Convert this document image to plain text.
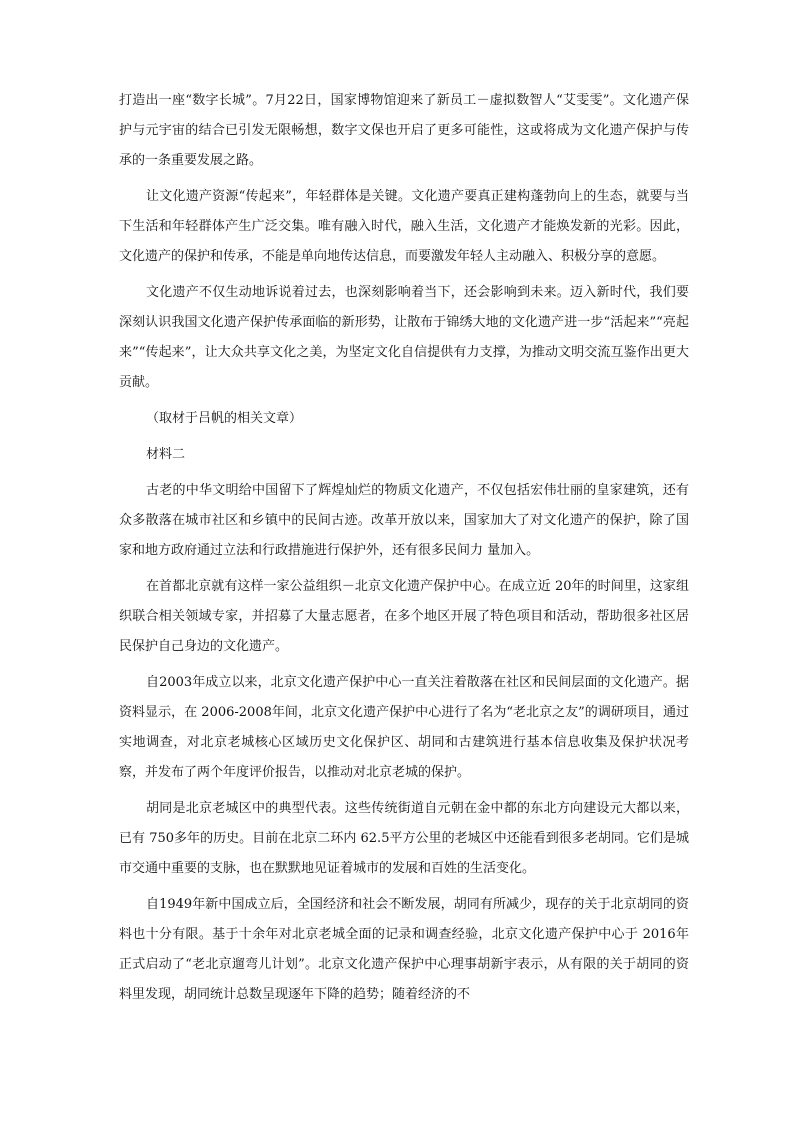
打造出一座“数字长城”。7月22日，国家博物馆迎来了新员工－虚拟数智人“艾雯雯”。文化遗产保护与元宇宙的结合已引发无限畅想，数字文保也开启了更多可能性，这或将成为文化遗产保护与传承的一条重要发展之路。

让文化遗产资源“传起来”，年轻群体是关键。文化遗产要真正建构蓬勃向上的生态，就要与当下生活和年轻群体产生广泛交集。唯有融入时代，融入生活，文化遗产才能焕发新的光彩。因此，文化遗产的保护和传承，不能是单向地传达信息，而要激发年轻人主动融入、积极分享的意愿。

文化遗产不仅生动地诉说着过去，也深刻影响着当下，还会影响到未来。迈入新时代，我们要深刻认识我国文化遗产保护传承面临的新形势，让散布于锦绣大地的文化遗产进一步“活起来”“亮起来”“传起来”，让大众共享文化之美，为坚定文化自信提供有力支撑，为推动文明交流互鉴作出更大贡献。

（取材于吕帆的相关文章）

材料二

古老的中华文明给中国留下了辉煌灿烂的物质文化遗产，不仅包括宏伟壮丽的皇家建筑，还有众多散落在城市社区和乡镇中的民间古迹。改革开放以来，国家加大了对文化遗产的保护，除了国家和地方政府通过立法和行政措施进行保护外，还有很多民间力 量加入。

在首都北京就有这样一家公益组织－北京文化遗产保护中心。在成立近 20年的时间里，这家组织联合相关领域专家，并招募了大量志愿者，在多个地区开展了特色项目和活动，帮助很多社区居民保护自己身边的文化遗产。

自2003年成立以来，北京文化遗产保护中心一直关注着散落在社区和民间层面的文化遗产。据资料显示，在 2006-2008年间，北京文化遗产保护中心进行了名为“老北京之友”的调研项目，通过实地调查，对北京老城核心区域历史文化保护区、胡同和古建筑进行基本信息收集及保护状况考察，并发布了两个年度评价报告，以推动对北京老城的保护。

胡同是北京老城区中的典型代表。这些传统街道自元朝在金中都的东北方向建设元大都以来，已有 750多年的历史。目前在北京二环内 62.5平方公里的老城区中还能看到很多老胡同。它们是城市交通中重要的支脉，也在默默地见证着城市的发展和百姓的生活变化。

自1949年新中国成立后，全国经济和社会不断发展，胡同有所减少，现存的关于北京胡同的资料也十分有限。基于十余年对北京老城全面的记录和调查经验，北京文化遗产保护中心于 2016年正式启动了“老北京遛弯儿计划”。北京文化遗产保护中心理事胡新宇表示，从有限的关于胡同的资料里发现，胡同统计总数呈现逐年下降的趋势；随着经济的不
